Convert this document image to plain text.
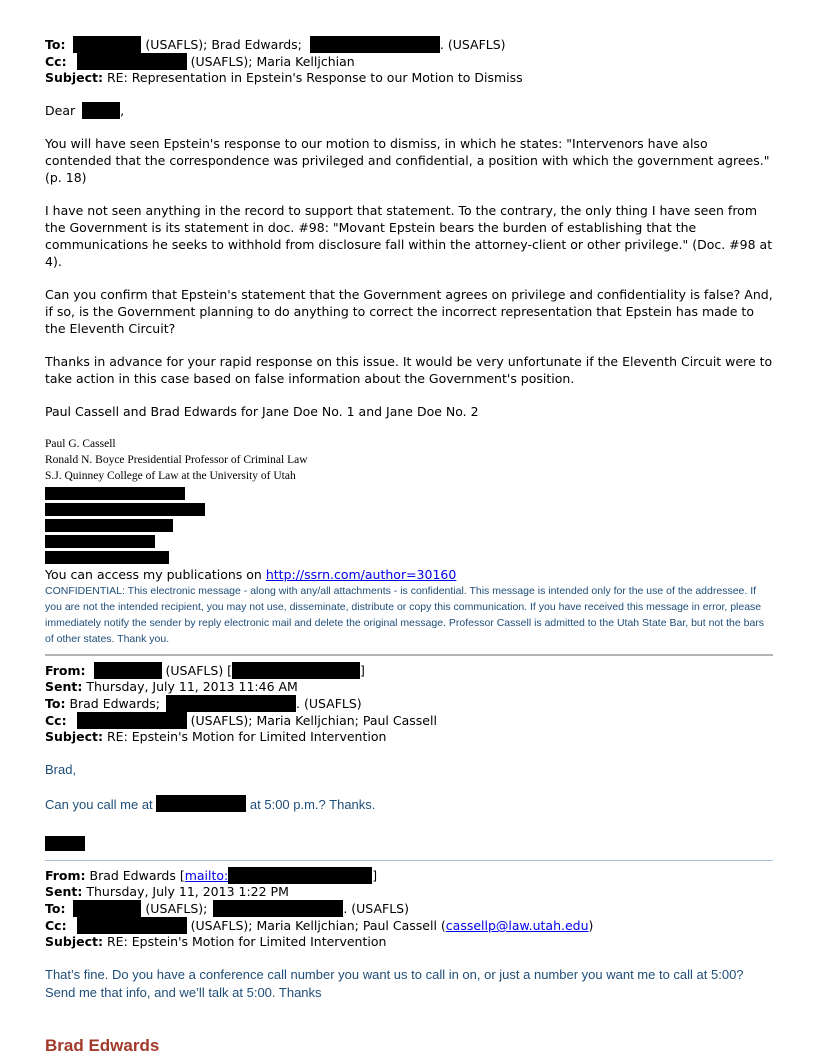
To:	(USAFLS); Brad Edwards;	. (USAFLS)
Cc:	(USAFLS); Maria Kelljchian
Subject: RE: Representation in Epstein's Response to our Motion to Dismiss
Dear	,

You will have seen Epstein's response to our motion to dismiss, in which he states: "Intervenors have also contended that the correspondence was privileged and confidential, a position with which the government agrees." (p. 18)

I have not seen anything in the record to support that statement. To the contrary, the only thing I have seen from the Government is its statement in doc. #98: "Movant Epstein bears the burden of establishing that the communications he seeks to withhold from disclosure fall within the attorney-client or other privilege." (Doc. #98 at 4).

Can you confirm that Epstein's statement that the Government agrees on privilege and confidentiality is false? And, if so, is the Government planning to do anything to correct the incorrect representation that Epstein has made to the Eleventh Circuit?

Thanks in advance for your rapid response on this issue. It would be very unfortunate if the Eleventh Circuit were to take action in this case based on false information about the Government's position.

Paul Cassell and Brad Edwards for Jane Doe No. 1 and Jane Doe No. 2

Paul G. Cassell
Ronald N. Boyce Presidential Professor of Criminal Law
S.J. Quinney College of Law at the University of Utah
You can access my publications on http://ssrn.com/author=30160
CONFIDENTIAL: This electronic message - along with any/all attachments - is confidential. This message is intended only for the use of the addressee. If you are not the intended recipient, you may not use, disseminate, distribute or copy this communication. If you have received this message in error, please immediately notify the sender by reply electronic mail and delete the original message. Professor Cassell is admitted to the Utah State Bar, but not the bars of other states. Thank you.
From:	(USAFLS) [	]
Sent: Thursday, July 11, 2013 11:46 AM
To: Brad Edwards;	. (USAFLS)
Cc:	(USAFLS); Maria Kelljchian; Paul Cassell
Subject: RE: Epstein's Motion for Limited Intervention
Brad,
Can you call me at	at 5:00 p.m.? Thanks.
From: Brad Edwards [mailto:	]
Sent: Thursday, July 11, 2013 1:22 PM
To:	(USAFLS);	. (USAFLS)
Cc:	(USAFLS); Maria Kelljchian; Paul Cassell (cassellp@law.utah.edu)
Subject: RE: Epstein's Motion for Limited Intervention
That’s fine. Do you have a conference call number you want us to call in on, or just a number you want me to call at 5:00? Send me that info, and we’ll talk at 5:00. Thanks
Brad Edwards
